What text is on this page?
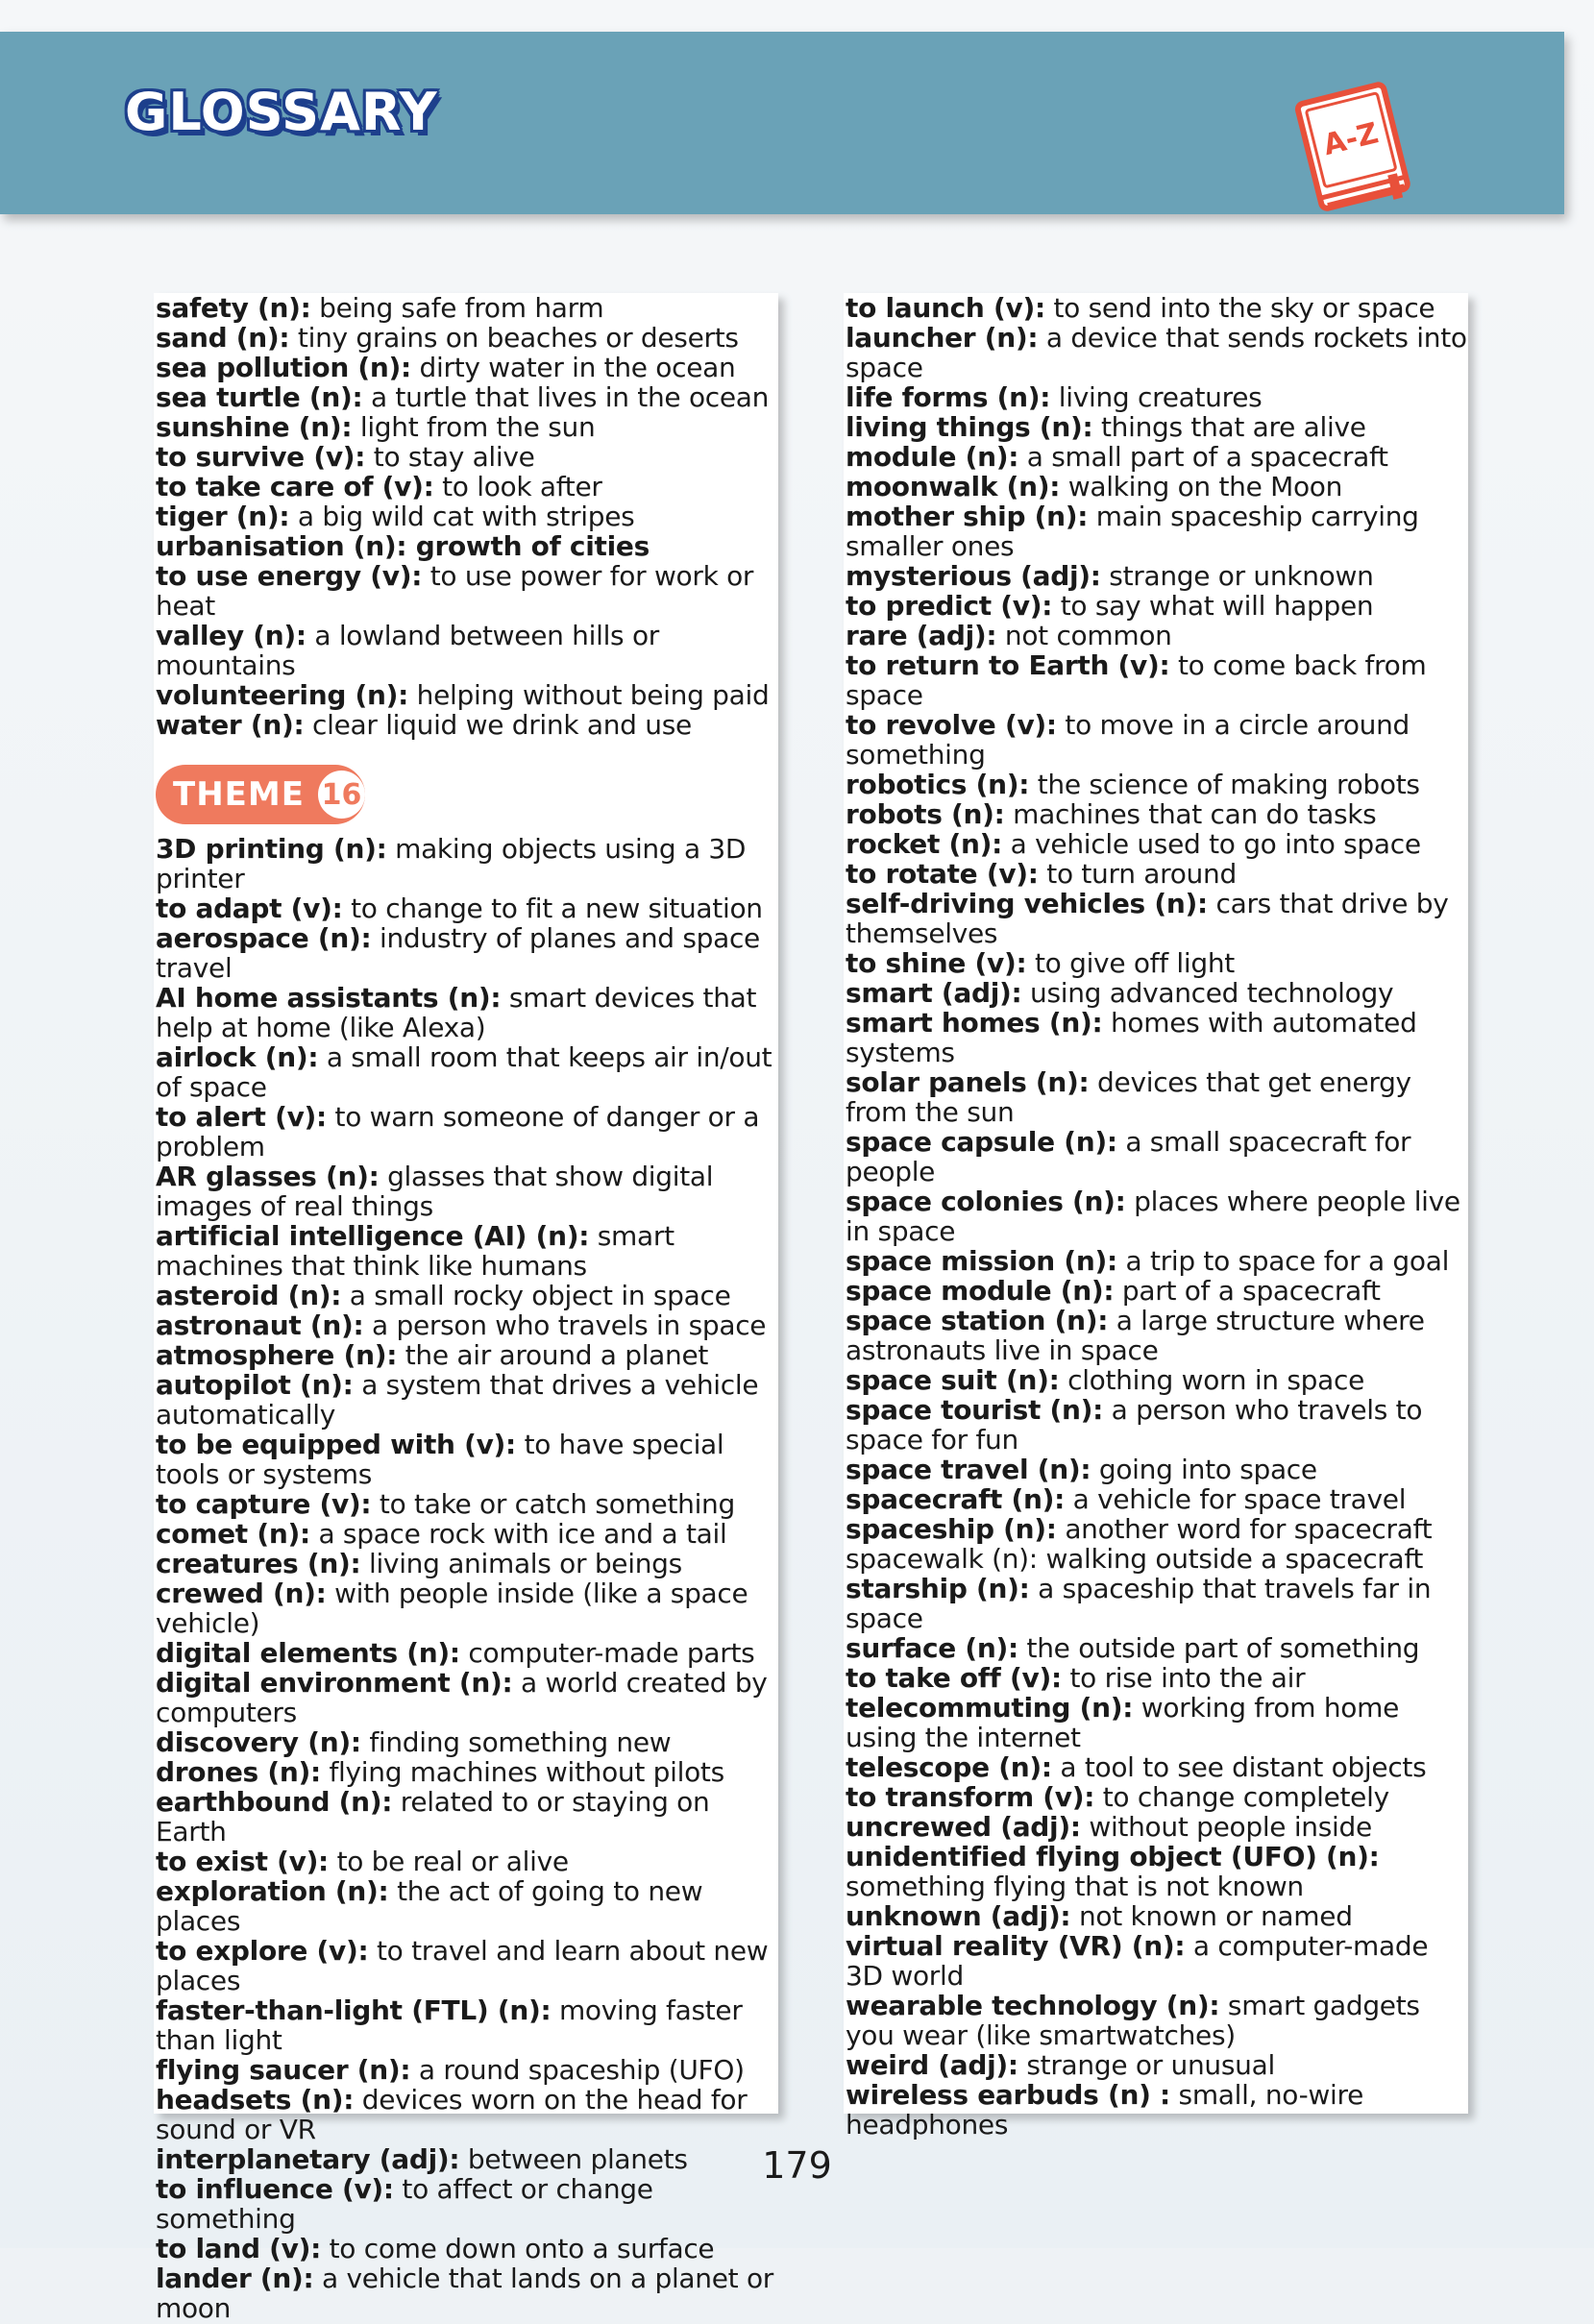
GLOSSARY	A-Z

safety (n): being safe from harm

sand (n): tiny grains on beaches or deserts

sea pollution (n): dirty water in the ocean

sea turtle (n): a turtle that lives in the ocean

sunshine (n): light from the sun

to survive (v): to stay alive

to take care of (v): to look after

tiger (n): a big wild cat with stripes

urbanisation (n): growth of cities

to use energy (v): to use power for work or heat

valley (n): a lowland between hills or mountains

volunteering (n): helping without being paid

water (n): clear liquid we drink and use

THEME 16

3D printing (n): making objects using a 3D printer

to adapt (v): to change to fit a new situation

aerospace (n): industry of planes and space travel

AI home assistants (n): smart devices that help at home (like Alexa)

airlock (n): a small room that keeps air in/out of space

to alert (v): to warn someone of danger or a problem

AR glasses (n): glasses that show digital images of real things

artificial intelligence (AI) (n): smart machines that think like humans

asteroid (n): a small rocky object in space

astronaut (n): a person who travels in space

atmosphere (n): the air around a planet

autopilot (n): a system that drives a vehicle automatically

to be equipped with (v): to have special tools or systems

to capture (v): to take or catch something

comet (n): a space rock with ice and a tail

creatures (n): living animals or beings

crewed (n): with people inside (like a space vehicle)

digital elements (n): computer-made parts

digital environment (n): a world created by computers

discovery (n): finding something new

drones (n): flying machines without pilots

earthbound (n): related to or staying on Earth

to exist (v): to be real or alive

exploration (n): the act of going to new places

to explore (v): to travel and learn about new places

faster-than-light (FTL) (n): moving faster than light

flying saucer (n): a round spaceship (UFO)

headsets (n): devices worn on the head for sound or VR

interplanetary (adj): between planets

to influence (v): to affect or change something

to land (v): to come down onto a surface

lander (n): a vehicle that lands on a planet or moon

to launch (v): to send into the sky or space

launcher (n): a device that sends rockets into space

life forms (n): living creatures

living things (n): things that are alive

module (n): a small part of a spacecraft

moonwalk (n): walking on the Moon

mother ship (n): main spaceship carrying smaller ones

mysterious (adj): strange or unknown

to predict (v): to say what will happen

rare (adj): not common

to return to Earth (v): to come back from space

to revolve (v): to move in a circle around something

robotics (n): the science of making robots

robots (n): machines that can do tasks

rocket (n): a vehicle used to go into space

to rotate (v): to turn around

self-driving vehicles (n): cars that drive by themselves

to shine (v): to give off light

smart (adj): using advanced technology

smart homes (n): homes with automated systems

solar panels (n): devices that get energy from the sun

space capsule (n): a small spacecraft for people

space colonies (n): places where people live in space

space mission (n): a trip to space for a goal

space module (n): part of a spacecraft

space station (n): a large structure where astronauts live in space

space suit (n): clothing worn in space

space tourist (n): a person who travels to space for fun

space travel (n): going into space

spacecraft (n): a vehicle for space travel

spaceship (n): another word for spacecraft

spacewalk (n): walking outside a spacecraft

starship (n): a spaceship that travels far in space

surface (n): the outside part of something

to take off (v): to rise into the air

telecommuting (n): working from home using the internet

telescope (n): a tool to see distant objects

to transform (v): to change completely

uncrewed (adj): without people inside

unidentified flying object (UFO) (n): something flying that is not known

unknown (adj): not known or named

virtual reality (VR) (n): a computer-made 3D world

wearable technology (n): smart gadgets you wear (like smartwatches)

weird (adj): strange or unusual

wireless earbuds (n) : small, no-wire headphones

179
